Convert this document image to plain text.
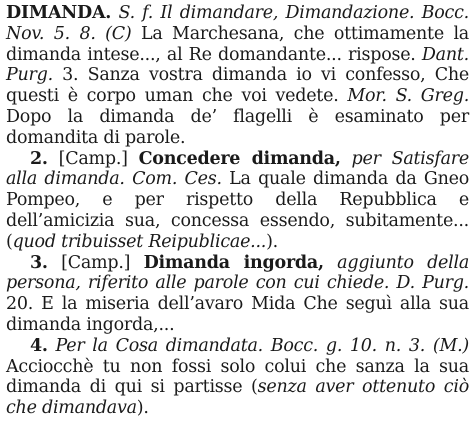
DIMANDA. S. f. Il dimandare, Dimandazione. Bocc. Nov. 5. 8. (C) La Marchesana, che ottimamente la dimanda intese..., al Re domandante... rispose. Dant. Purg. 3. Sanza vostra dimanda io vi confesso, Che questi è corpo uman che voi vedete. Mor. S. Greg. Dopo la dimanda de’ flagelli è esaminato per domandita di parole.

2. [Camp.] Concedere dimanda, per Satisfare alla dimanda. Com. Ces. La quale dimanda da Gneo Pompeo, e per rispetto della Repubblica e dell’amicizia sua, concessa essendo, subitamente... (quod tribuisset Reipublicae...).

3. [Camp.] Dimanda ingorda, aggiunto della persona, riferito alle parole con cui chiede. D. Purg. 20. E la miseria dell’avaro Mida Che seguì alla sua dimanda ingorda,...

4. Per la Cosa dimandata. Bocc. g. 10. n. 3. (M.) Acciocchè tu non fossi solo colui che sanza la sua dimanda di qui si partisse (senza aver ottenuto ciò che dimandava).
